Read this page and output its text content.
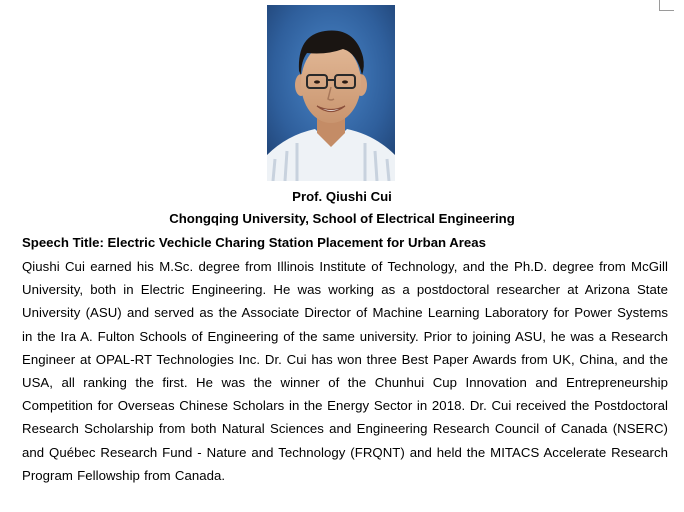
Prof. Qiushi Cui
Chongqing University, School of Electrical Engineering
Speech Title: Electric Vechicle Charing Station Placement for Urban Areas
Qiushi Cui earned his M.Sc. degree from Illinois Institute of Technology, and the Ph.D. degree from McGill University, both in Electric Engineering. He was working as a postdoctoral researcher at Arizona State University (ASU) and served as the Associate Director of Machine Learning Laboratory for Power Systems in the Ira A. Fulton Schools of Engineering of the same university. Prior to joining ASU, he was a Research Engineer at OPAL-RT Technologies Inc. Dr. Cui has won three Best Paper Awards from UK, China, and the USA, all ranking the first. He was the winner of the Chunhui Cup Innovation and Entrepreneurship Competition for Overseas Chinese Scholars in the Energy Sector in 2018. Dr. Cui received the Postdoctoral Research Scholarship from both Natural Sciences and Engineering Research Council of Canada (NSERC) and Québec Research Fund - Nature and Technology (FRQNT) and held the MITACS Accelerate Research Program Fellowship from Canada.
